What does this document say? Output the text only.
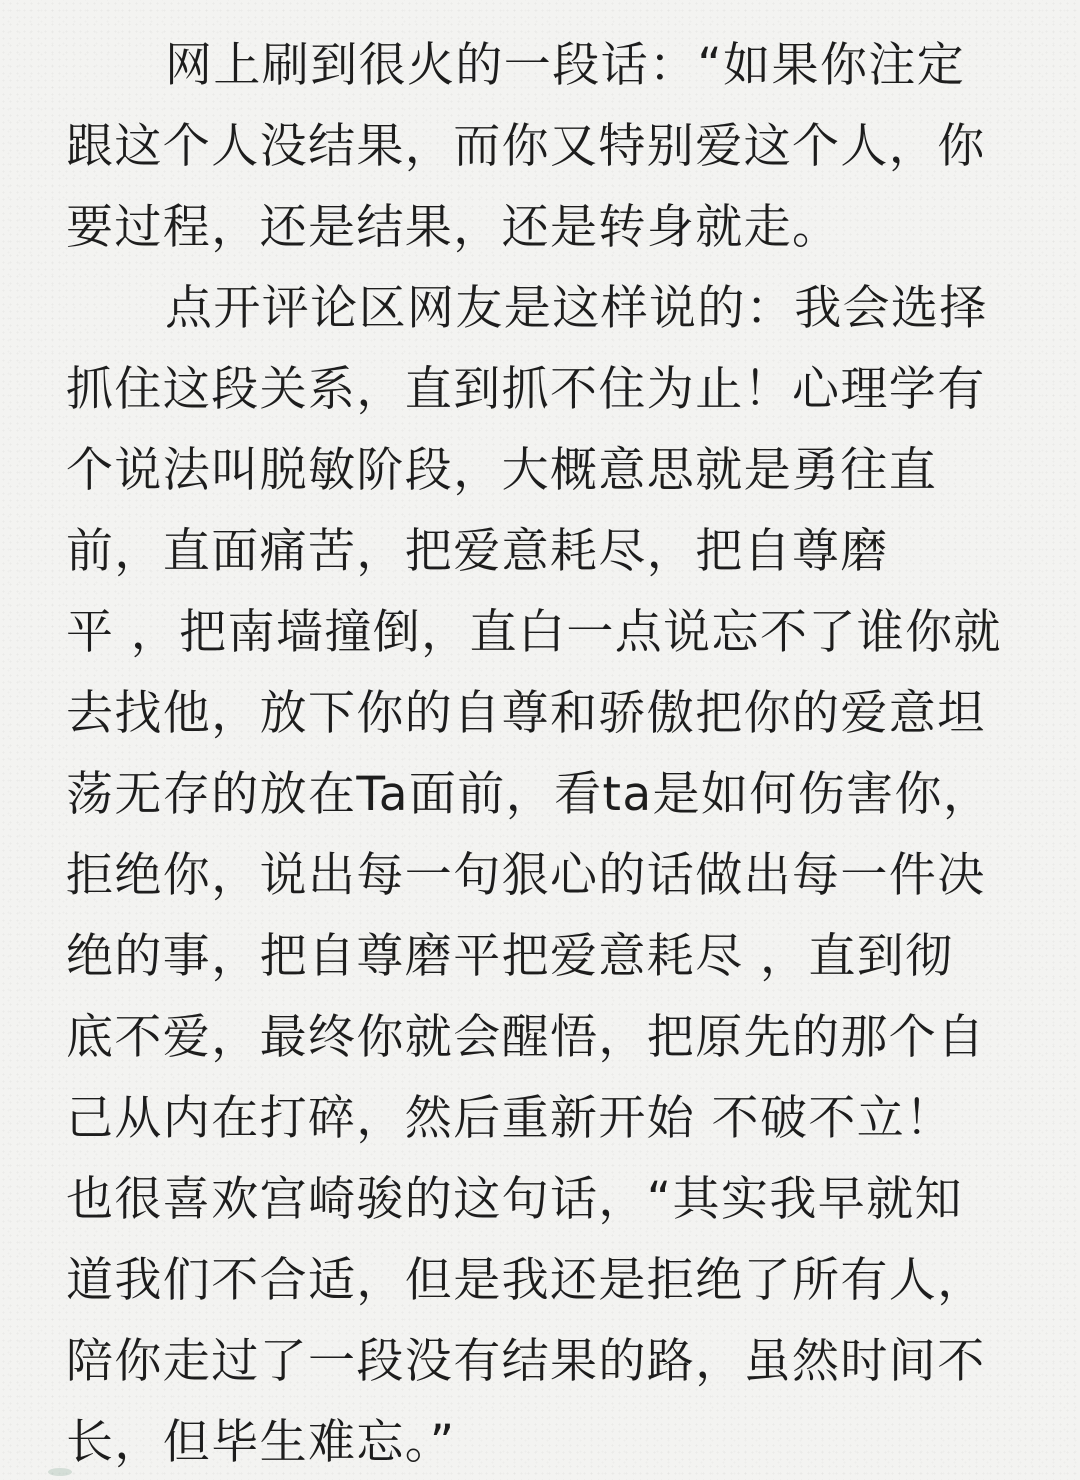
网上刷到很火的一段话：“如果你注定
跟这个人没结果，而你又特别爱这个人，你
要过程，还是结果，还是转身就走。
点开评论区网友是这样说的：我会选择
抓住这段关系，直到抓不住为止！心理学有
个说法叫脱敏阶段，大概意思就是勇往直
前，直面痛苦，把爱意耗尽，把自尊磨
平 ，把南墙撞倒，直白一点说忘不了谁你就
去找他，放下你的自尊和骄傲把你的爱意坦
荡无存的放在Ta面前，看ta是如何伤害你，
拒绝你，说出每一句狠心的话做出每一件决
绝的事，把自尊磨平把爱意耗尽 ，直到彻
底不爱，最终你就会醒悟，把原先的那个自
己从内在打碎，然后重新开始 不破不立！
也很喜欢宫崎骏的这句话，“其实我早就知
道我们不合适，但是我还是拒绝了所有人，
陪你走过了一段没有结果的路，虽然时间不
长，但毕生难忘。”
